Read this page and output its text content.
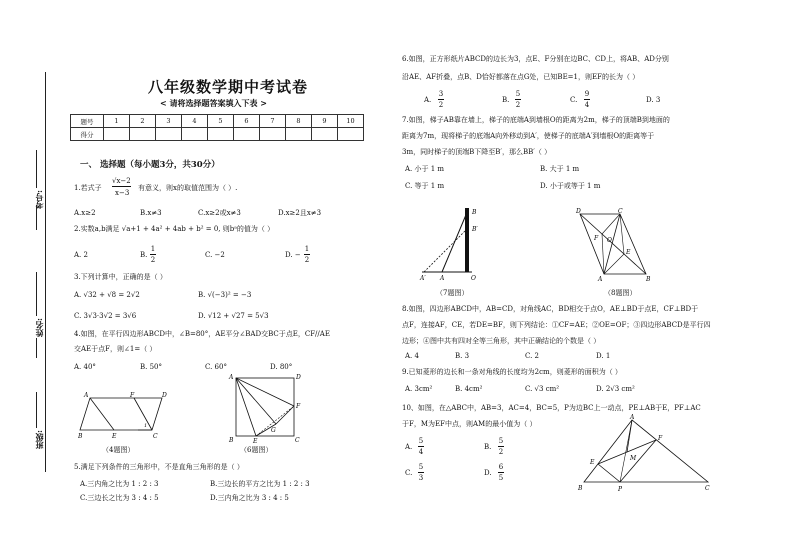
考号:
姓名:
班级:
八年级数学期中考试卷
< 请将选择题答案填入下表 >
题号	1	2	3	4	5	6	7	8	9	10
得分										
一、 选择题（每小题3分，共30分）
1.若式子
√x−2
x−3
有意义，则x的取值范围为（ ）.
A.x≥2	B.x≠3	C.x≥2或x≠3	D.x≥2且x≠3
2.实数a,b满足 √a+1 + 4a² + 4ab + b² = 0, 则bᵃ的值为（ ）
A. 2	B.
1
2
C. −2	D. −
1
2
3.下列计算中，正确的是（ ）
A. √32 + √8 = 2√2	B. √(−3)² = −3
C. 3√3·3√2 = 3√6	D. √12 + √27 = 5√3
4.如图，在平行四边形ABCD中，∠B=80°，AE平分∠BAD交BC于点E，CF//AE
交AE于点F，则∠1=（ ）
A. 40°	B. 50°	C. 60°	D. 80°
A	F	D
B	E	C
1
（4题图）
A	D
F
G
B	E	C
（6题图）
5.满足下列条件的三角形中，不是直角三角形的是（ ）
A.三内角之比为 1 : 2 : 3	B.三边长的平方之比为 1 : 2 : 3
C.三边长之比为 3 : 4 : 5	D.三内角之比为 3 : 4 : 5
6.如图，正方形纸片ABCD的边长为3，点E、F分别在边BC、CD上，将AB、AD分别
沿AE、AF折叠，点B、D恰好都落在点G处，已知BE=1，则EF的长为（ ）
A.
3
2
B.
5
2
C.
9
4
D. 3
7.如图，梯子AB靠在墙上，梯子的底端A到墙根O的距离为2m，梯子的顶端B到地面的
距离为7m，现将梯子的底端A向外移动到A′，使梯子的底端A′到墙根O的距离等于
3m，同时梯子的顶端B下降至B′，那么BB′（ ）
A. 小于 1 m	B. 大于 1 m
C. 等于 1 m	D. 小于或等于 1 m
B
B′
A′ A	O
（7题图）
D	C
F O
E
A	B
（8题图）
8.如图，四边形ABCD中，AB=CD，对角线AC，BD相交于点O，AE⊥BD于点E，CF⊥BD于
点F，连接AF，CE，若DE=BF，则下列结论：①CF=AE；②OE=OF；③四边形ABCD是平行四
边形；④图中共有四对全等三角形，其中正确结论的个数是（ ）
A. 4	B. 3	C. 2	D. 1
9.已知菱形的边长和一条对角线的长度均为2cm，则菱形的面积为（ ）
A. 3cm²	B. 4cm²	C. √3 cm²	D. 2√3 cm²
10、如图，在△ABC中，AB=3，AC=4，BC=5，P为边BC上一动点，PE⊥AB于E，PF⊥AC
于F，M为EF中点，则AM的最小值为（ ）
A.
5
4
B.
5
2
C.
5
3
D.
6
5
A
F
M
E
B	P	C
